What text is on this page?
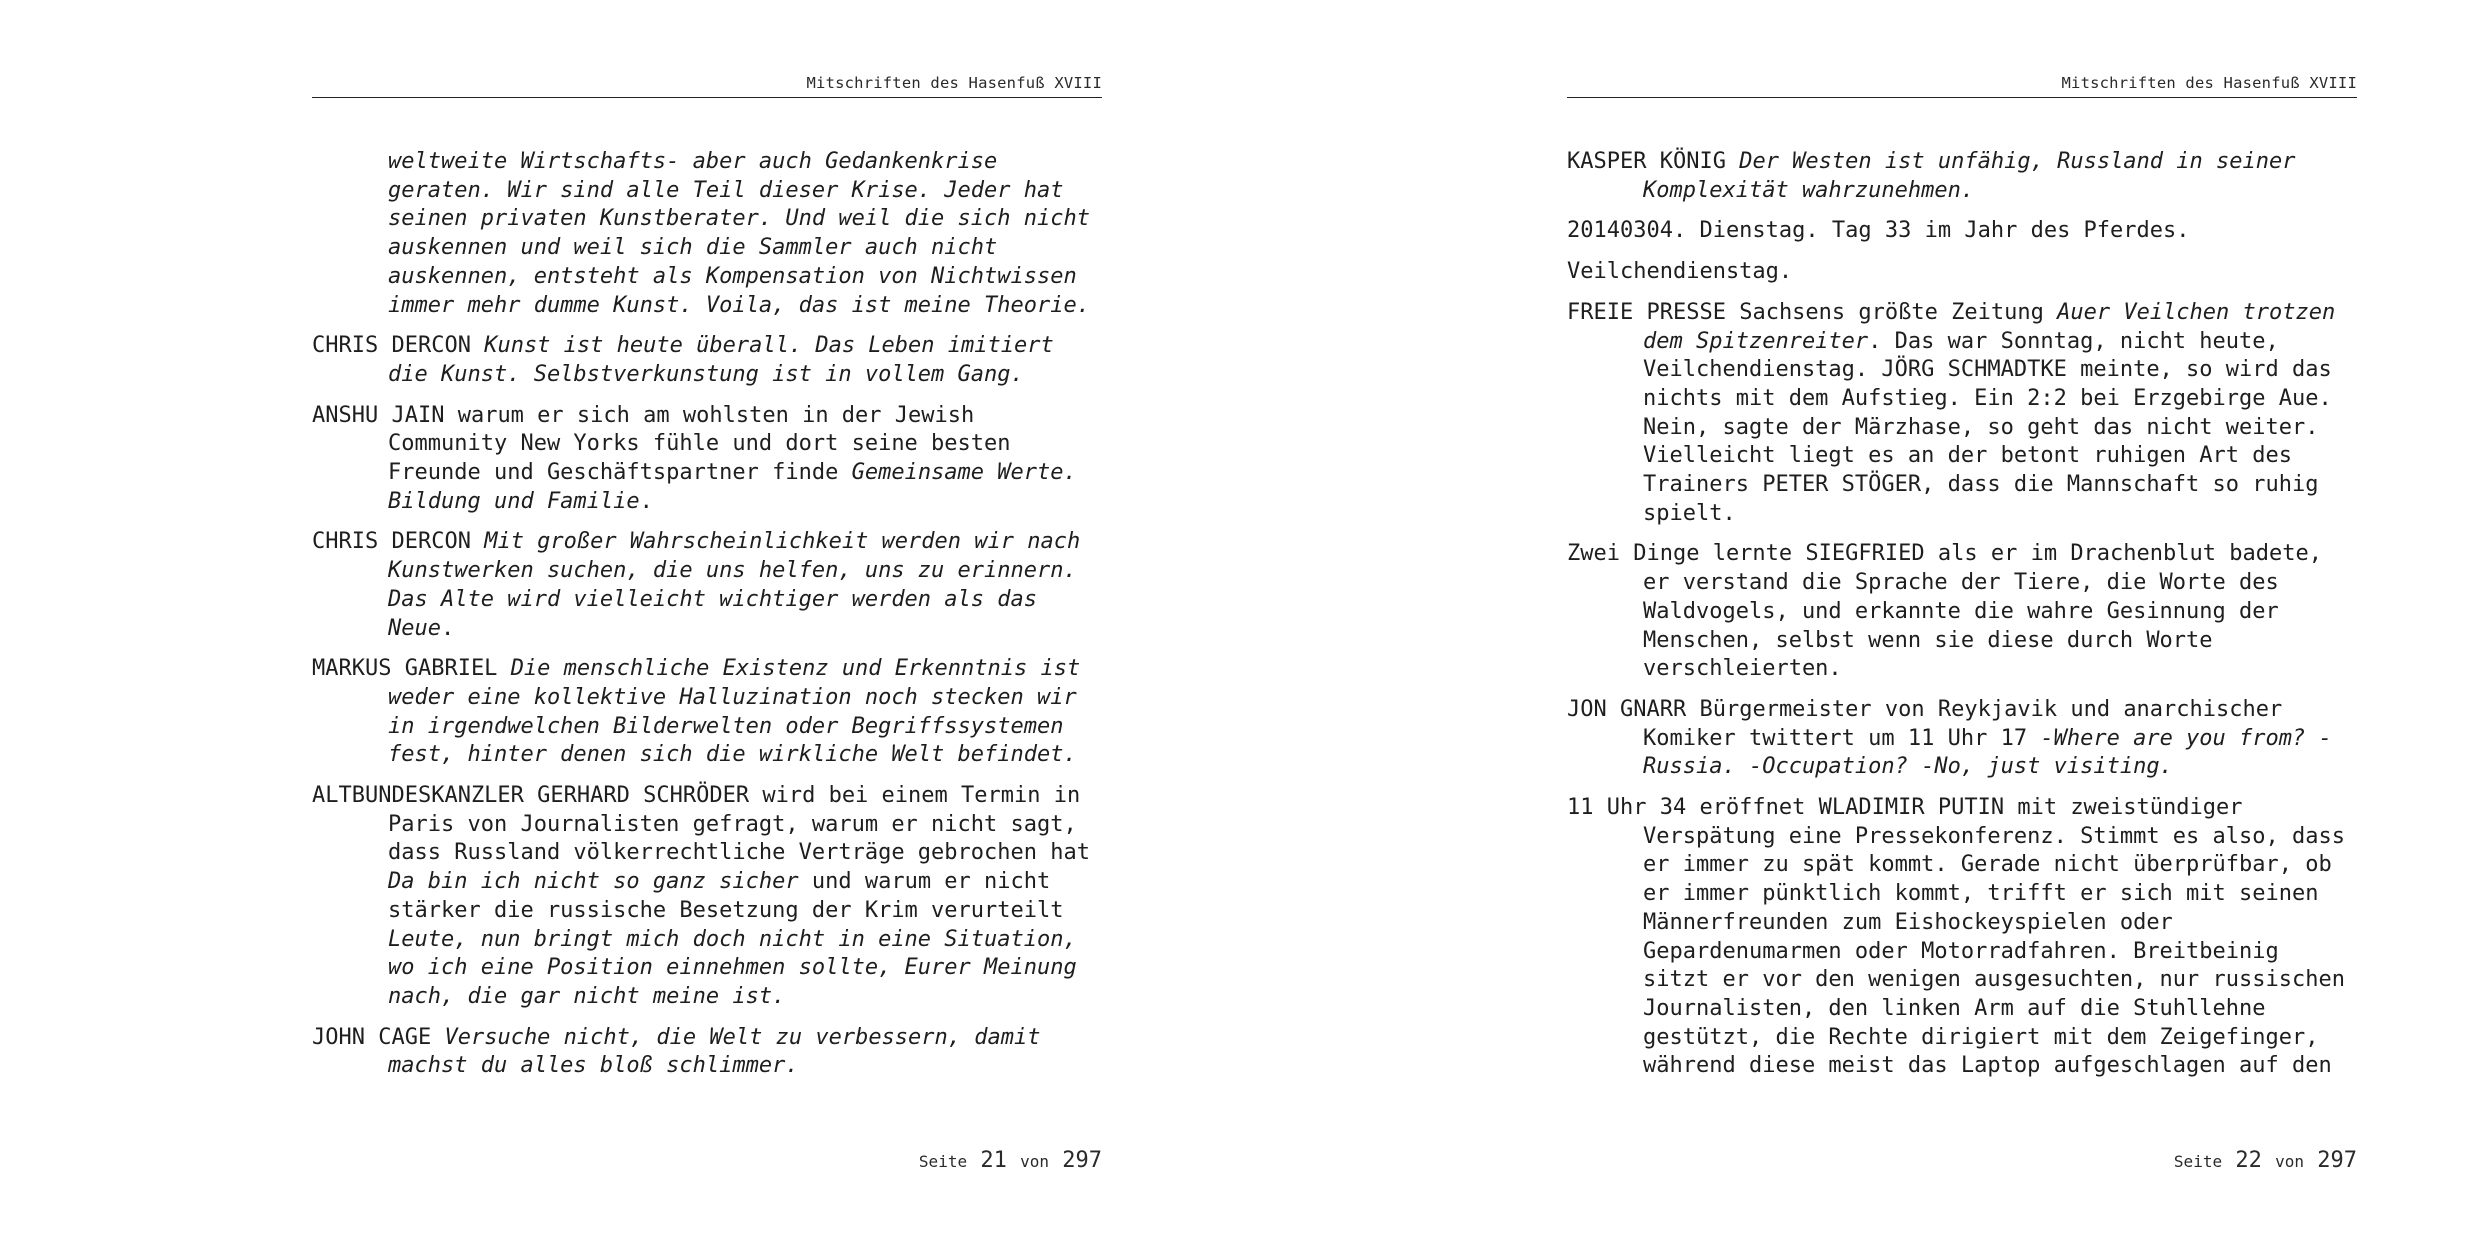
Mitschriften des Hasenfuß XVIII

weltweite Wirtschafts- aber auch Gedankenkrise geraten. Wir sind alle Teil dieser Krise. Jeder hat seinen privaten Kunstberater. Und weil die sich nicht auskennen und weil sich die Sammler auch nicht auskennen, entsteht als Kompensation von Nichtwissen immer mehr dumme Kunst. Voila, das ist meine Theorie.

CHRIS DERCON Kunst ist heute überall. Das Leben imitiert die Kunst. Selbstverkunstung ist in vollem Gang.

ANSHU JAIN warum er sich am wohlsten in der Jewish Community New Yorks fühle und dort seine besten Freunde und Geschäftspartner finde Gemeinsame Werte. Bildung und Familie.

CHRIS DERCON Mit großer Wahrscheinlichkeit werden wir nach Kunstwerken suchen, die uns helfen, uns zu erinnern. Das Alte wird vielleicht wichtiger werden als das Neue.

MARKUS GABRIEL Die menschliche Existenz und Erkenntnis ist weder eine kollektive Halluzination noch stecken wir in irgendwelchen Bilderwelten oder Begriffssystemen fest, hinter denen sich die wirkliche Welt befindet.

ALTBUNDESKANZLER GERHARD SCHRÖDER wird bei einem Termin in Paris von Journalisten gefragt, warum er nicht sagt, dass Russland völkerrechtliche Verträge gebrochen hat Da bin ich nicht so ganz sicher und warum er nicht stärker die russische Besetzung der Krim verurteilt Leute, nun bringt mich doch nicht in eine Situation, wo ich eine Position einnehmen sollte, Eurer Meinung nach, die gar nicht meine ist.

JOHN CAGE Versuche nicht, die Welt zu verbessern, damit machst du alles bloß schlimmer.

Seite 21 von 297
Mitschriften des Hasenfuß XVIII

KASPER KÖNIG Der Westen ist unfähig, Russland in seiner Komplexität wahrzunehmen.

20140304. Dienstag. Tag 33 im Jahr des Pferdes.

Veilchendienstag.

FREIE PRESSE Sachsens größte Zeitung Auer Veilchen trotzen dem Spitzenreiter. Das war Sonntag, nicht heute, Veilchendienstag. JÖRG SCHMADTKE meinte, so wird das nichts mit dem Aufstieg. Ein 2:2 bei Erzgebirge Aue. Nein, sagte der Märzhase, so geht das nicht weiter. Vielleicht liegt es an der betont ruhigen Art des Trainers PETER STÖGER, dass die Mannschaft so ruhig spielt.

Zwei Dinge lernte SIEGFRIED als er im Drachenblut badete, er verstand die Sprache der Tiere, die Worte des Waldvogels, und erkannte die wahre Gesinnung der Menschen, selbst wenn sie diese durch Worte verschleierten.

JON GNARR Bürgermeister von Reykjavik und anarchischer Komiker twittert um 11 Uhr 17 -Where are you from? -Russia. -Occupation? -No, just visiting.

11 Uhr 34 eröffnet WLADIMIR PUTIN mit zweistündiger Verspätung eine Pressekonferenz. Stimmt es also, dass er immer zu spät kommt. Gerade nicht überprüfbar, ob er immer pünktlich kommt, trifft er sich mit seinen Männerfreunden zum Eishockeyspielen oder Gepardenumarmen oder Motorradfahren. Breitbeinig sitzt er vor den wenigen ausgesuchten, nur russischen Journalisten, den linken Arm auf die Stuhllehne gestützt, die Rechte dirigiert mit dem Zeigefinger, während diese meist das Laptop aufgeschlagen auf den

Seite 22 von 297
